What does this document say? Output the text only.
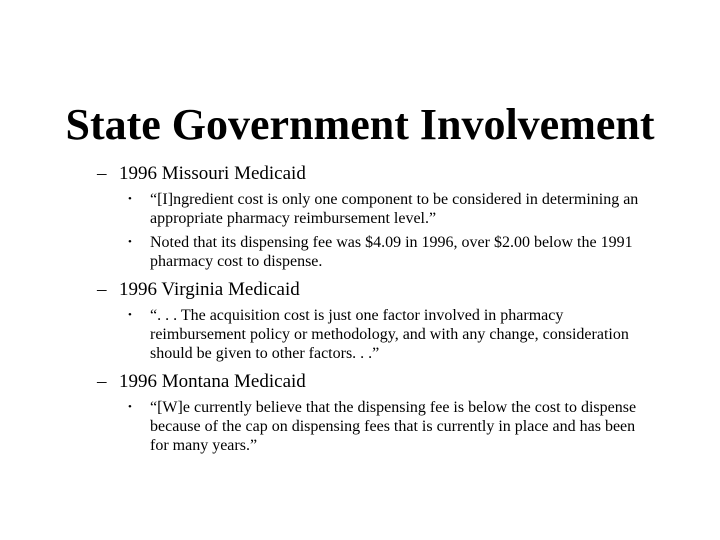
State Government Involvement

– 1996 Missouri Medicaid

•	“[I]ngredient cost is only one component to be considered in determining an appropriate pharmacy reimbursement level.”
•	Noted that its dispensing fee was $4.09 in 1996, over $2.00 below the 1991 pharmacy cost to dispense.

– 1996 Virginia Medicaid

•	“. . . The acquisition cost is just one factor involved in pharmacy reimbursement policy or methodology, and with any change, consideration should be given to other factors. . .”

– 1996 Montana Medicaid

•	“[W]e currently believe that the dispensing fee is below the cost to dispense because of the cap on dispensing fees that is currently in place and has been for many years.”
